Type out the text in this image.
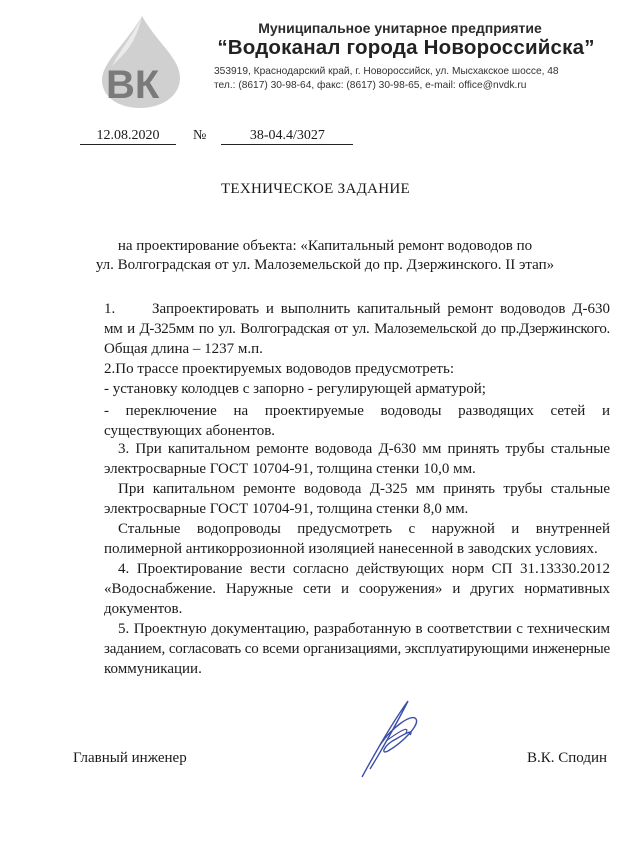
ВК
Муниципальное унитарное предприятие
“Водоканал города Новороссийска”
353919, Краснодарский край, г. Новороссийск, ул. Мысхакское шоссе, 48
тел.: (8617) 30-98-64, факс: (8617) 30-98-65, e-mail: office@nvdk.ru
12.08.2020 №	38-04.4/3027
ТЕХНИЧЕСКОЕ ЗАДАНИЕ
на проектирование объекта: «Капитальный ремонт водоводов по
ул. Волгоградская от ул. Малоземельской до пр. Дзержинского. II этап»
1.	Запроектировать и выполнить капитальный ремонт водоводов Д-630
мм и Д-325мм по ул. Волгоградская от ул. Малоземельской до пр.Дзержинского.
Общая длина – 1237 м.п.
2.По трассе проектируемых водоводов предусмотреть:
- установку колодцев с запорно - регулирующей арматурой;
- переключение на проектируемые водоводы разводящих сетей и
существующих абонентов.
3. При капитальном ремонте водовода Д-630 мм принять трубы стальные
электросварные ГОСТ 10704-91, толщина стенки 10,0 мм.
При капитальном ремонте водовода Д-325 мм принять трубы стальные
электросварные ГОСТ 10704-91, толщина стенки 8,0 мм.
Стальные водопроводы предусмотреть с наружной и внутренней
полимерной антикоррозионной изоляцией нанесенной в заводских условиях.
4. Проектирование вести согласно действующих норм СП 31.13330.2012
«Водоснабжение. Наружные сети и сооружения» и других нормативных
документов.
5. Проектную документацию, разработанную в соответствии с техническим
заданием, согласовать со всеми организациями, эксплуатирующими инженерные
коммуникации.
Главный инженер	В.К. Сподин
